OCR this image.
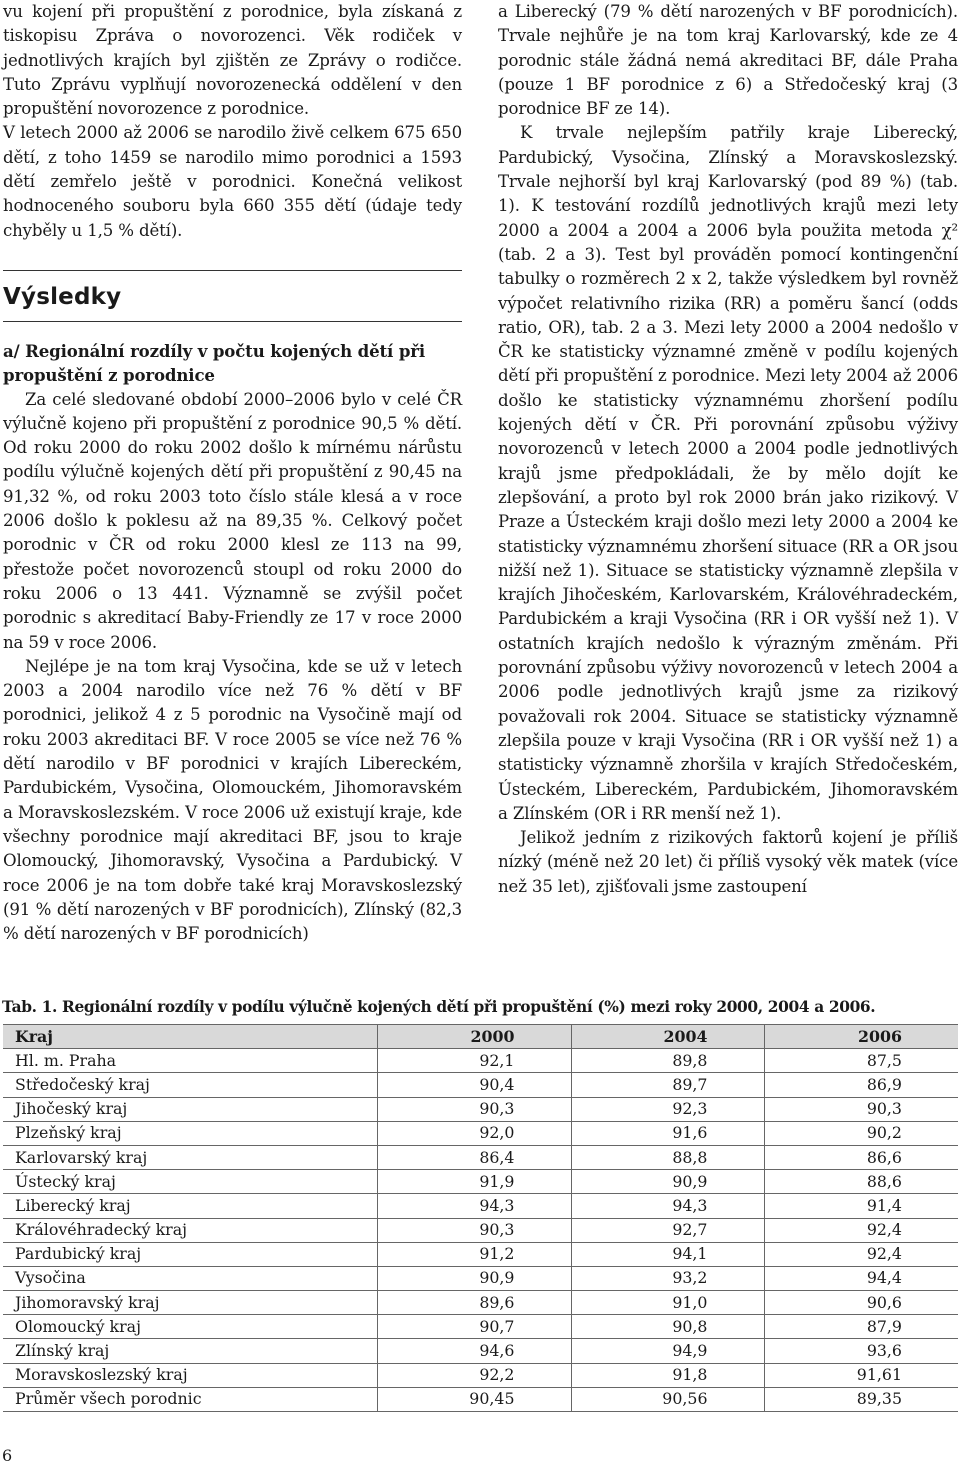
vu kojení při propuštění z porodnice, byla získaná z tiskopisu Zpráva o novorozenci. Věk rodiček v jednotlivých krajích byl zjištěn ze Zprávy o rodičce. Tuto Zprávu vyplňují novorozenecká oddělení v den propuštění novorozence z porodnice.

V letech 2000 až 2006 se narodilo živě celkem 675 650 dětí, z toho 1459 se narodilo mimo porodnici a 1593 dětí zemřelo ještě v porodnici. Konečná velikost hodnoceného souboru byla 660 355 dětí (údaje tedy chyběly u 1,5 % dětí).

Výsledky

a/ Regionální rozdíly v počtu kojených dětí při propuštění z porodnice

Za celé sledované období 2000–2006 bylo v celé ČR výlučně kojeno při propuštění z porodnice 90,5 % dětí. Od roku 2000 do roku 2002 došlo k mírnému nárůstu podílu výlučně kojených dětí při propuštění z 90,45 na 91,32 %, od roku 2003 toto číslo stále klesá a v roce 2006 došlo k poklesu až na 89,35 %. Celkový počet porodnic v ČR od roku 2000 klesl ze 113 na 99, přestože počet novorozenců stoupl od roku 2000 do roku 2006 o 13 441. Významně se zvýšil počet porodnic s akreditací Baby-Friendly ze 17 v roce 2000 na 59 v roce 2006.

Nejlépe je na tom kraj Vysočina, kde se už v letech 2003 a 2004 narodilo více než 76 % dětí v BF porodnici, jelikož 4 z 5 porodnic na Vysočině mají od roku 2003 akreditaci BF. V roce 2005 se více než 76 % dětí narodilo v BF porodnici v krajích Libereckém, Pardubickém, Vysočina, Olomouckém, Jihomoravském a Moravskoslezském. V roce 2006 už existují kraje, kde všechny porodnice mají akreditaci BF, jsou to kraje Olomoucký, Jihomoravský, Vysočina a Pardubický. V roce 2006 je na tom dobře také kraj Moravskoslezský (91 % dětí narozených v BF porodnicích), Zlínský (82,3 % dětí narozených v BF porodnicích)

a Liberecký (79 % dětí narozených v BF porodnicích). Trvale nejhůře je na tom kraj Karlovarský, kde ze 4 porodnic stále žádná nemá akreditaci BF, dále Praha (pouze 1 BF porodnice z 6) a Středočeský kraj (3 porodnice BF ze 14).

K trvale nejlepším patřily kraje Liberecký, Pardubický, Vysočina, Zlínský a Moravskoslezský. Trvale nejhorší byl kraj Karlovarský (pod 89 %) (tab. 1). K testování rozdílů jednotlivých krajů mezi lety 2000 a 2004 a 2004 a 2006 byla použita metoda χ² (tab. 2 a 3). Test byl prováděn pomocí kontingenční tabulky o rozměrech 2 x 2, takže výsledkem byl rovněž výpočet relativního rizika (RR) a poměru šancí (odds ratio, OR), tab. 2 a 3. Mezi lety 2000 a 2004 nedošlo v ČR ke statisticky významné změně v podílu kojených dětí při propuštění z porodnice. Mezi lety 2004 až 2006 došlo ke statisticky významnému zhoršení podílu kojených dětí v ČR. Při porovnání způsobu výživy novorozenců v letech 2000 a 2004 podle jednotlivých krajů jsme předpokládali, že by mělo dojít ke zlepšování, a proto byl rok 2000 brán jako rizikový. V Praze a Ústeckém kraji došlo mezi lety 2000 a 2004 ke statisticky významnému zhoršení situace (RR a OR jsou nižší než 1). Situace se statisticky významně zlepšila v krajích Jihočeském, Karlovarském, Královéhradeckém, Pardubickém a kraji Vysočina (RR i OR vyšší než 1). V ostatních krajích nedošlo k výrazným změnám. Při porovnání způsobu výživy novorozenců v letech 2004 a 2006 podle jednotlivých krajů jsme za rizikový považovali rok 2004. Situace se statisticky významně zlepšila pouze v kraji Vysočina (RR i OR vyšší než 1) a statisticky významně zhoršila v krajích Středočeském, Ústeckém, Libereckém, Pardubickém, Jihomoravském a Zlínském (OR i RR menší než 1).

Jelikož jedním z rizikových faktorů kojení je příliš nízký (méně než 20 let) či příliš vysoký věk matek (více než 35 let), zjišťovali jsme zastoupení

Tab. 1. Regionální rozdíly v podílu výlučně kojených dětí při propuštění (%) mezi roky 2000, 2004 a 2006.
Kraj	2000	2004	2006
Hl. m. Praha	92,1	89,8	87,5
Středočeský kraj	90,4	89,7	86,9
Jihočeský kraj	90,3	92,3	90,3
Plzeňský kraj	92,0	91,6	90,2
Karlovarský kraj	86,4	88,8	86,6
Ústecký kraj	91,9	90,9	88,6
Liberecký kraj	94,3	94,3	91,4
Královéhradecký kraj	90,3	92,7	92,4
Pardubický kraj	91,2	94,1	92,4
Vysočina	90,9	93,2	94,4
Jihomoravský kraj	89,6	91,0	90,6
Olomoucký kraj	90,7	90,8	87,9
Zlínský kraj	94,6	94,9	93,6
Moravskoslezský kraj	92,2	91,8	91,61
Průměr všech porodnic	90,45	90,56	89,35
6
